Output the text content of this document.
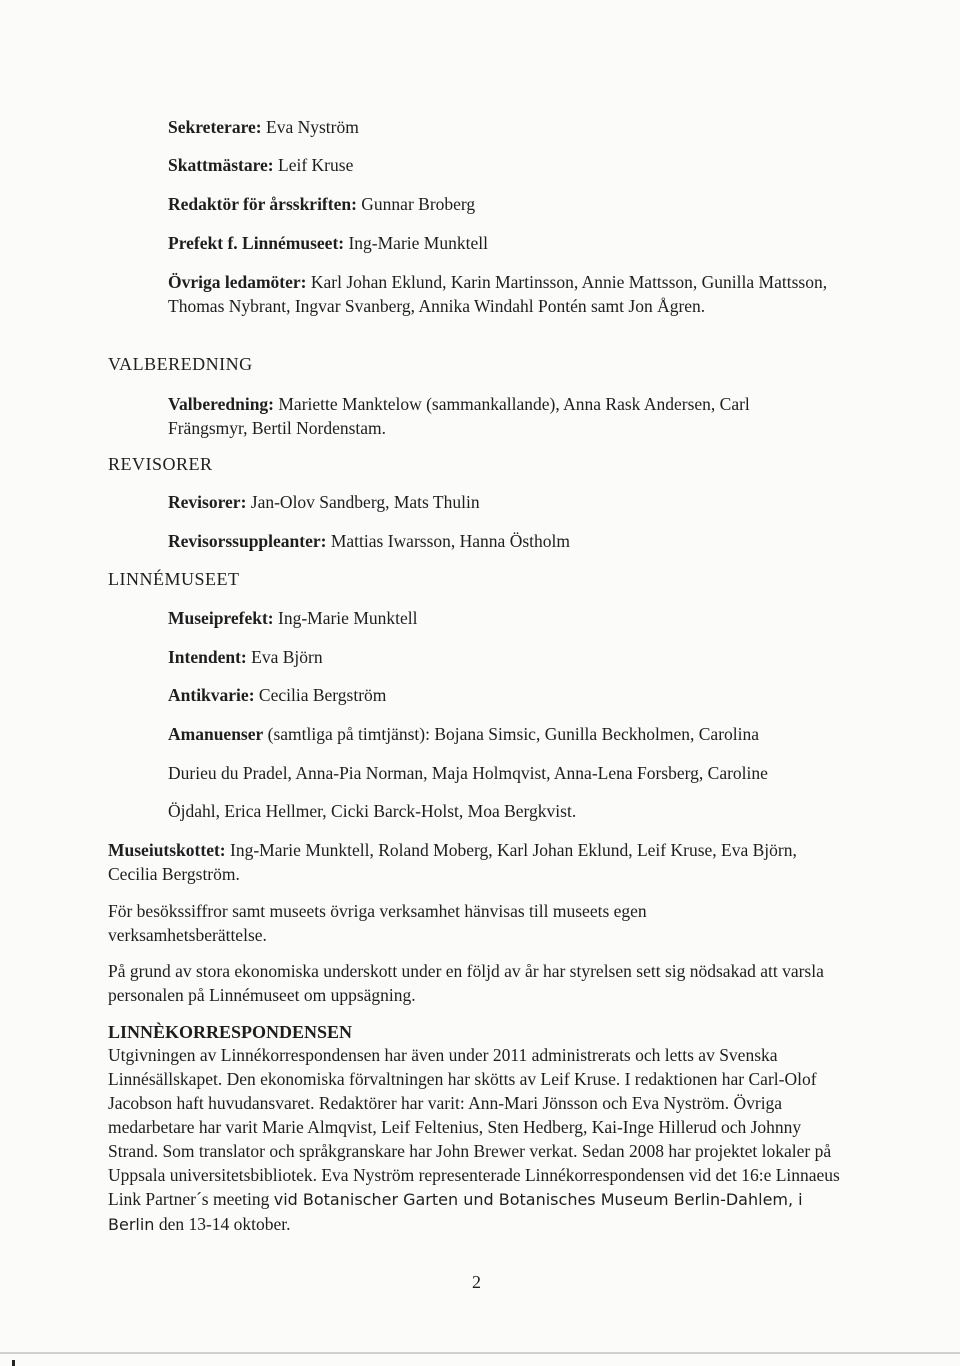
Sekreterare: Eva Nyström

Skattmästare: Leif Kruse

Redaktör för årsskriften: Gunnar Broberg

Prefekt f. Linnémuseet: Ing-Marie Munktell

Övriga ledamöter: Karl Johan Eklund, Karin Martinsson, Annie Mattsson, Gunilla Mattsson, Thomas Nybrant, Ingvar Svanberg, Annika Windahl Pontén samt Jon Ågren.

VALBEREDNING

Valberedning: Mariette Manktelow (sammankallande), Anna Rask Andersen, Carl Frängsmyr, Bertil Nordenstam.

REVISORER

Revisorer: Jan-Olov Sandberg, Mats Thulin

Revisorssuppleanter: Mattias Iwarsson, Hanna Östholm

LINNÉMUSEET

Museiprefekt: Ing-Marie Munktell

Intendent: Eva Björn

Antikvarie: Cecilia Bergström

Amanuenser (samtliga på timtjänst): Bojana Simsic, Gunilla Beckholmen, Carolina

Durieu du Pradel, Anna-Pia Norman, Maja Holmqvist, Anna-Lena Forsberg, Caroline

Öjdahl, Erica Hellmer, Cicki Barck-Holst, Moa Bergkvist.

Museiutskottet: Ing-Marie Munktell, Roland Moberg, Karl Johan Eklund, Leif Kruse, Eva Björn, Cecilia Bergström.

För besökssiffror samt museets övriga verksamhet hänvisas till museets egen verksamhetsberättelse.

På grund av stora ekonomiska underskott under en följd av år har styrelsen sett sig nödsakad att varsla personalen på Linnémuseet om uppsägning.

LINNÈKORRESPONDENSEN

Utgivningen av Linnékorrespondensen har även under 2011 administrerats och letts av Svenska Linnésällskapet. Den ekonomiska förvaltningen har skötts av Leif Kruse. I redaktionen har Carl-Olof Jacobson haft huvudansvaret. Redaktörer har varit: Ann-Mari Jönsson och Eva Nyström. Övriga medarbetare har varit Marie Almqvist, Leif Feltenius, Sten Hedberg, Kai-Inge Hillerud och Johnny Strand. Som translator och språkgranskare har John Brewer verkat. Sedan 2008 har projektet lokaler på Uppsala universitetsbibliotek. Eva Nyström representerade Linnékorrespondensen vid det 16:e Linnaeus Link Partner´s meeting vid Botanischer Garten und Botanisches Museum Berlin-Dahlem, i Berlin den 13-14 oktober.

2
